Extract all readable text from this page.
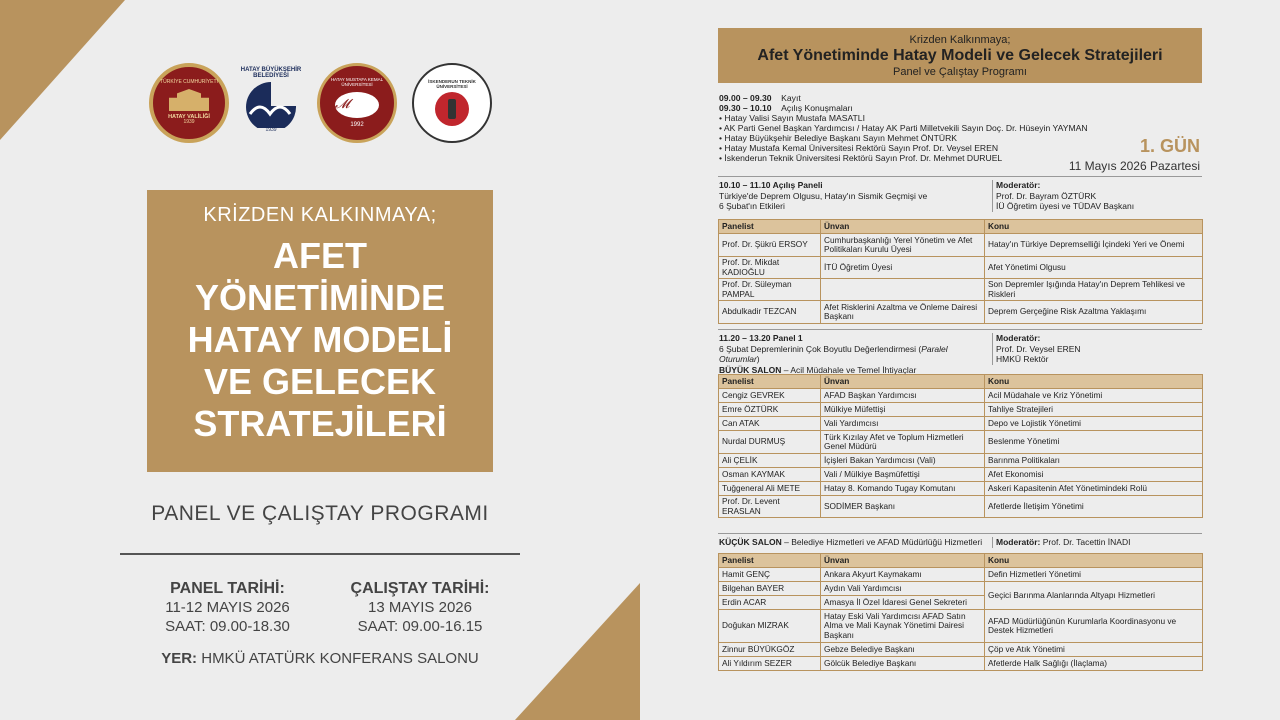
TÜRKİYE CUMHURİYETİ
HATAY VALİLİĞİ
1939
HATAY BÜYÜKŞEHİR BELEDİYESİ
1939
HATAY MUSTAFA KEMAL ÜNİVERSİTESİ
𝓜
1992
İSKENDERUN TEKNİK ÜNİVERSİTESİ

KRİZDEN KALKINMAYA;

AFET
YÖNETİMİNDE
HATAY MODELİ
VE GELECEK
STRATEJİLERİ

PANEL VE ÇALIŞTAY PROGRAMI
PANEL TARİHİ:
11-12 MAYIS 2026
SAAT: 09.00-18.30
ÇALIŞTAY TARİHİ:
13 MAYIS 2026
SAAT: 09.00-16.15
YER: HMKÜ ATATÜRK KONFERANS SALONU
Krizden Kalkınmaya;
Afet Yönetiminde Hatay Modeli ve Gelecek Stratejileri
Panel ve Çalıştay Programı
09.00 – 09.30 Kayıt
09.30 – 10.10 Açılış Konuşmaları
• Hatay Valisi Sayın Mustafa MASATLI
• AK Parti Genel Başkan Yardımcısı / Hatay AK Parti Milletvekili Sayın Doç. Dr. Hüseyin YAYMAN
• Hatay Büyükşehir Belediye Başkanı Sayın Mehmet ÖNTÜRK
• Hatay Mustafa Kemal Üniversitesi Rektörü Sayın Prof. Dr. Veysel EREN
• İskenderun Teknik Üniversitesi Rektörü Sayın Prof. Dr. Mehmet DURUEL
1. GÜN
11 Mayıs 2026 Pazartesi
10.10 – 11.10 Açılış Paneli
Türkiye'de Deprem Olgusu, Hatay'ın Sismik Geçmişi ve
6 Şubat'ın Etkileri
Moderatör:
Prof. Dr. Bayram ÖZTÜRK
İÜ Öğretim üyesi ve TÜDAV Başkanı
Panelist	Ünvan	Konu
Prof. Dr. Şükrü ERSOY	Cumhurbaşkanlığı Yerel Yönetim ve Afet Politikaları Kurulu Üyesi	Hatay'ın Türkiye Depremselliği İçindeki Yeri ve Önemi
Prof. Dr. Mikdat KADIOĞLU	İTÜ Öğretim Üyesi	Afet Yönetimi Olgusu
Prof. Dr. Süleyman PAMPAL		Son Depremler Işığında Hatay'ın Deprem Tehlikesi ve Riskleri
Abdulkadir TEZCAN	Afet Risklerini Azaltma ve Önleme Dairesi Başkanı	Deprem Gerçeğine Risk Azaltma Yaklaşımı
11.20 – 13.20 Panel 1
6 Şubat Depremlerinin Çok Boyutlu Değerlendirmesi (Paralel Oturumlar)
BÜYÜK SALON – Acil Müdahale ve Temel İhtiyaçlar
Moderatör:
Prof. Dr. Veysel EREN
HMKÜ Rektör
Panelist	Ünvan	Konu
Cengiz GEVREK	AFAD Başkan Yardımcısı	Acil Müdahale ve Kriz Yönetimi
Emre ÖZTÜRK	Mülkiye Müfettişi	Tahliye Stratejileri
Can ATAK	Vali Yardımcısı	Depo ve Lojistik Yönetimi
Nurdal DURMUŞ	Türk Kızılay Afet ve Toplum Hizmetleri Genel Müdürü	Beslenme Yönetimi
Ali ÇELİK	İçişleri Bakan Yardımcısı (Vali)	Barınma Politikaları
Osman KAYMAK	Vali / Mülkiye Başmüfettişi	Afet Ekonomisi
Tuğgeneral Ali METE	Hatay 8. Komando Tugay Komutanı	Askeri Kapasitenin Afet Yönetimindeki Rolü
Prof. Dr. Levent ERASLAN	SODİMER Başkanı	Afetlerde İletişim Yönetimi
KÜÇÜK SALON – Belediye Hizmetleri ve AFAD Müdürlüğü Hizmetleri	Moderatör: Prof. Dr. Tacettin İNADI
Panelist	Ünvan	Konu
Hamit GENÇ	Ankara Akyurt Kaymakamı	Defin Hizmetleri Yönetimi
Bilgehan BAYER	Aydın Vali Yardımcısı	Geçici Barınma Alanlarında Altyapı Hizmetleri
Erdin ACAR	Amasya İl Özel İdaresi Genel Sekreteri	
Doğukan MIZRAK	Hatay Eski Vali Yardımcısı AFAD Satın Alma ve Mali Kaynak Yönetimi Dairesi Başkanı	AFAD Müdürlüğünün Kurumlarla Koordinasyonu ve Destek Hizmetleri
Zinnur BÜYÜKGÖZ	Gebze Belediye Başkanı	Çöp ve Atık Yönetimi
Ali Yıldırım SEZER	Gölcük Belediye Başkanı	Afetlerde Halk Sağlığı (İlaçlama)
